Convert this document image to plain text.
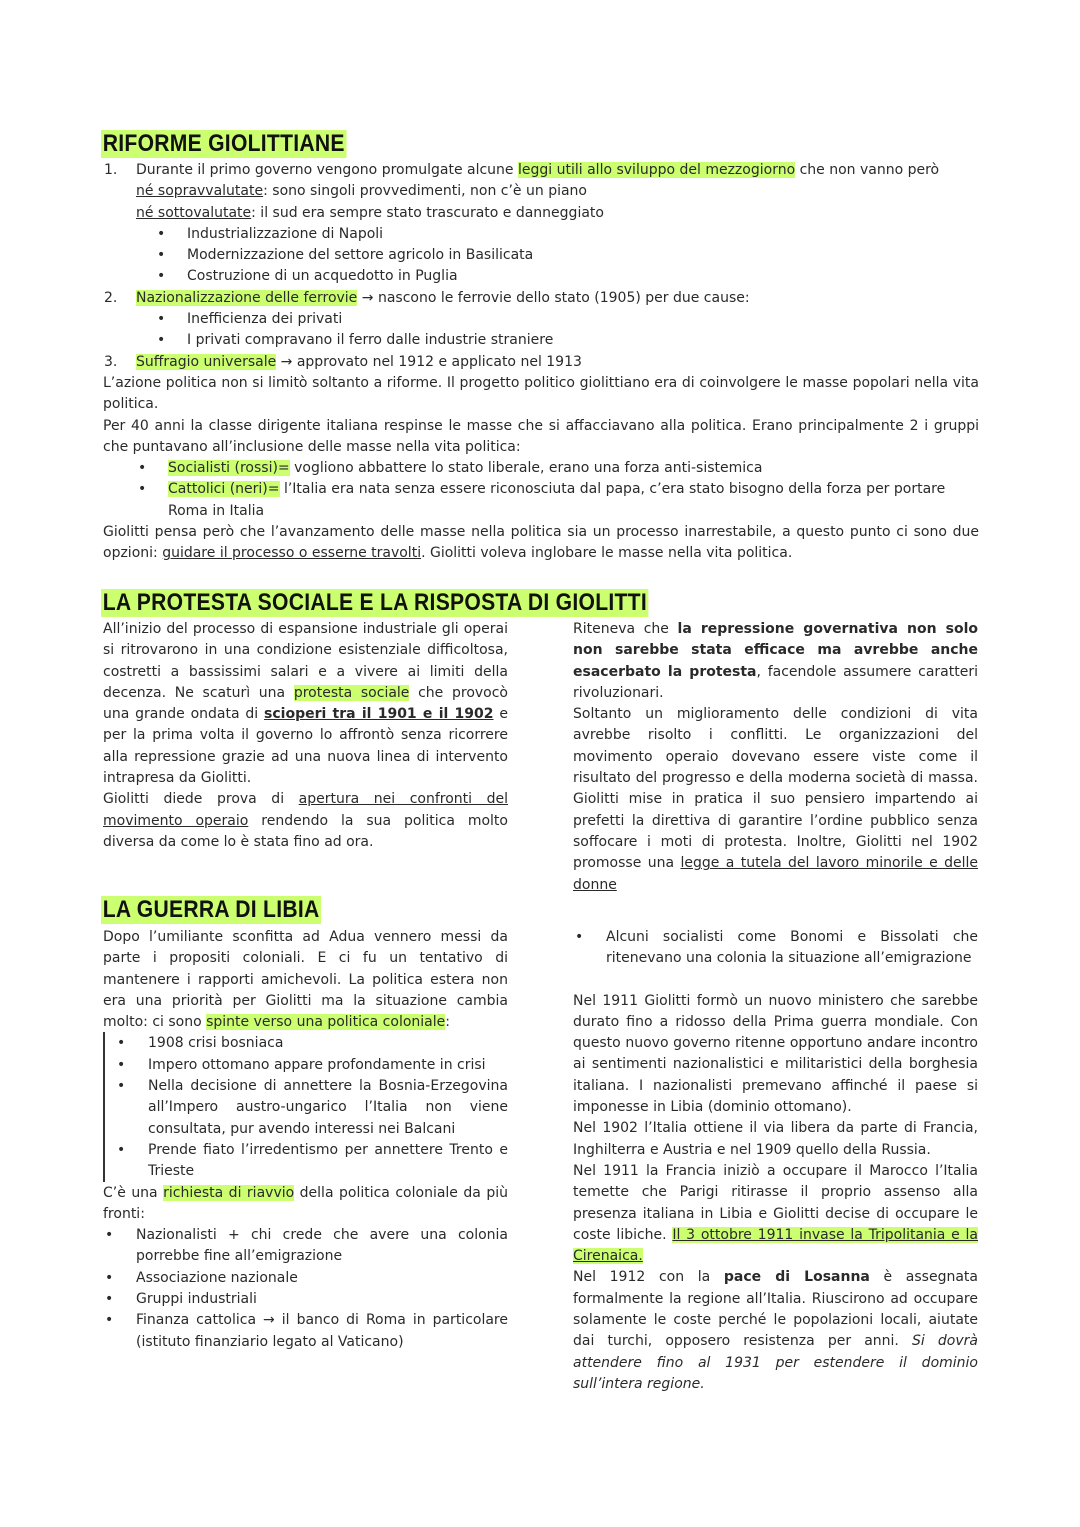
RIFORME GIOLITTIANE
1. Durante il primo governo vengono promulgate alcune leggi utili allo sviluppo del mezzogiorno che non vanno però
né sopravvalutate: sono singoli provvedimenti, non c’è un piano
né sottovalutate: il sud era sempre stato trascurato e danneggiato
• Industrializzazione di Napoli
• Modernizzazione del settore agricolo in Basilicata
• Costruzione di un acquedotto in Puglia
2. Nazionalizzazione delle ferrovie → nascono le ferrovie dello stato (1905) per due cause:
• Inefficienza dei privati
• I privati compravano il ferro dalle industrie straniere
3. Suffragio universale → approvato nel 1912 e applicato nel 1913
L’azione politica non si limitò soltanto a riforme. Il progetto politico giolittiano era di coinvolgere le masse popolari nella vita politica.
Per 40 anni la classe dirigente italiana respinse le masse che si affacciavano alla politica. Erano principalmente 2 i gruppi che puntavano all’inclusione delle masse nella vita politica:
• Socialisti (rossi)= vogliono abbattere lo stato liberale, erano una forza anti-sistemica
• Cattolici (neri)= l’Italia era nata senza essere riconosciuta dal papa, c’era stato bisogno della forza per portare Roma in Italia
Giolitti pensa però che l’avanzamento delle masse nella politica sia un processo inarrestabile, a questo punto ci sono due opzioni: guidare il processo o esserne travolti. Giolitti voleva inglobare le masse nella vita politica.
LA PROTESTA SOCIALE E LA RISPOSTA DI GIOLITTI
All’inizio del processo di espansione industriale gli operai si ritrovarono in una condizione esistenziale difficoltosa, costretti a bassissimi salari e a vivere ai limiti della decenza. Ne scaturì una protesta sociale che provocò una grande ondata di scioperi tra il 1901 e il 1902 e per la prima volta il governo lo affrontò senza ricorrere alla repressione grazie ad una nuova linea di intervento intrapresa da Giolitti.
Giolitti diede prova di apertura nei confronti del movimento operaio rendendo la sua politica molto diversa da come lo è stata fino ad ora.
Riteneva che la repressione governativa non solo non sarebbe stata efficace ma avrebbe anche esacerbato la protesta, facendole assumere caratteri rivoluzionari.
Soltanto un miglioramento delle condizioni di vita avrebbe risolto i conflitti. Le organizzazioni del movimento operaio dovevano essere viste come il risultato del progresso e della moderna società di massa. Giolitti mise in pratica il suo pensiero impartendo ai prefetti la direttiva di garantire l’ordine pubblico senza soffocare i moti di protesta. Inoltre, Giolitti nel 1902 promosse una legge a tutela del lavoro minorile e delle donne
LA GUERRA DI LIBIA
Dopo l’umiliante sconfitta ad Adua vennero messi da parte i propositi coloniali. E ci fu un tentativo di mantenere i rapporti amichevoli. La politica estera non era una priorità per Giolitti ma la situazione cambia molto: ci sono spinte verso una politica coloniale:
• 1908 crisi bosniaca
• Impero ottomano appare profondamente in crisi
• Nella decisione di annettere la Bosnia-Erzegovina all’Impero austro-ungarico l’Italia non viene consultata, pur avendo interessi nei Balcani
• Prende fiato l’irredentismo per annettere Trento e Trieste
C’è una richiesta di riavvio della politica coloniale da più fronti:
• Nazionalisti + chi crede che avere una colonia porrebbe fine all’emigrazione
• Associazione nazionale
• Gruppi industriali
• Finanza cattolica → il banco di Roma in particolare (istituto finanziario legato al Vaticano)
• Alcuni socialisti come Bonomi e Bissolati che ritenevano una colonia la situazione all’emigrazione
Nel 1911 Giolitti formò un nuovo ministero che sarebbe durato fino a ridosso della Prima guerra mondiale. Con questo nuovo governo ritenne opportuno andare incontro ai sentimenti nazionalistici e militaristici della borghesia italiana. I nazionalisti premevano affinché il paese si imponesse in Libia (dominio ottomano).
Nel 1902 l’Italia ottiene il via libera da parte di Francia, Inghilterra e Austria e nel 1909 quello della Russia.
Nel 1911 la Francia iniziò a occupare il Marocco l’Italia temette che Parigi ritirasse il proprio assenso alla presenza italiana in Libia e Giolitti decise di occupare le coste libiche. Il 3 ottobre 1911 invase la Tripolitania e la Cirenaica.
Nel 1912 con la pace di Losanna è assegnata formalmente la regione all’Italia. Riuscirono ad occupare solamente le coste perché le popolazioni locali, aiutate dai turchi, opposero resistenza per anni. Si dovrà attendere fino al 1931 per estendere il dominio sull’intera regione.
